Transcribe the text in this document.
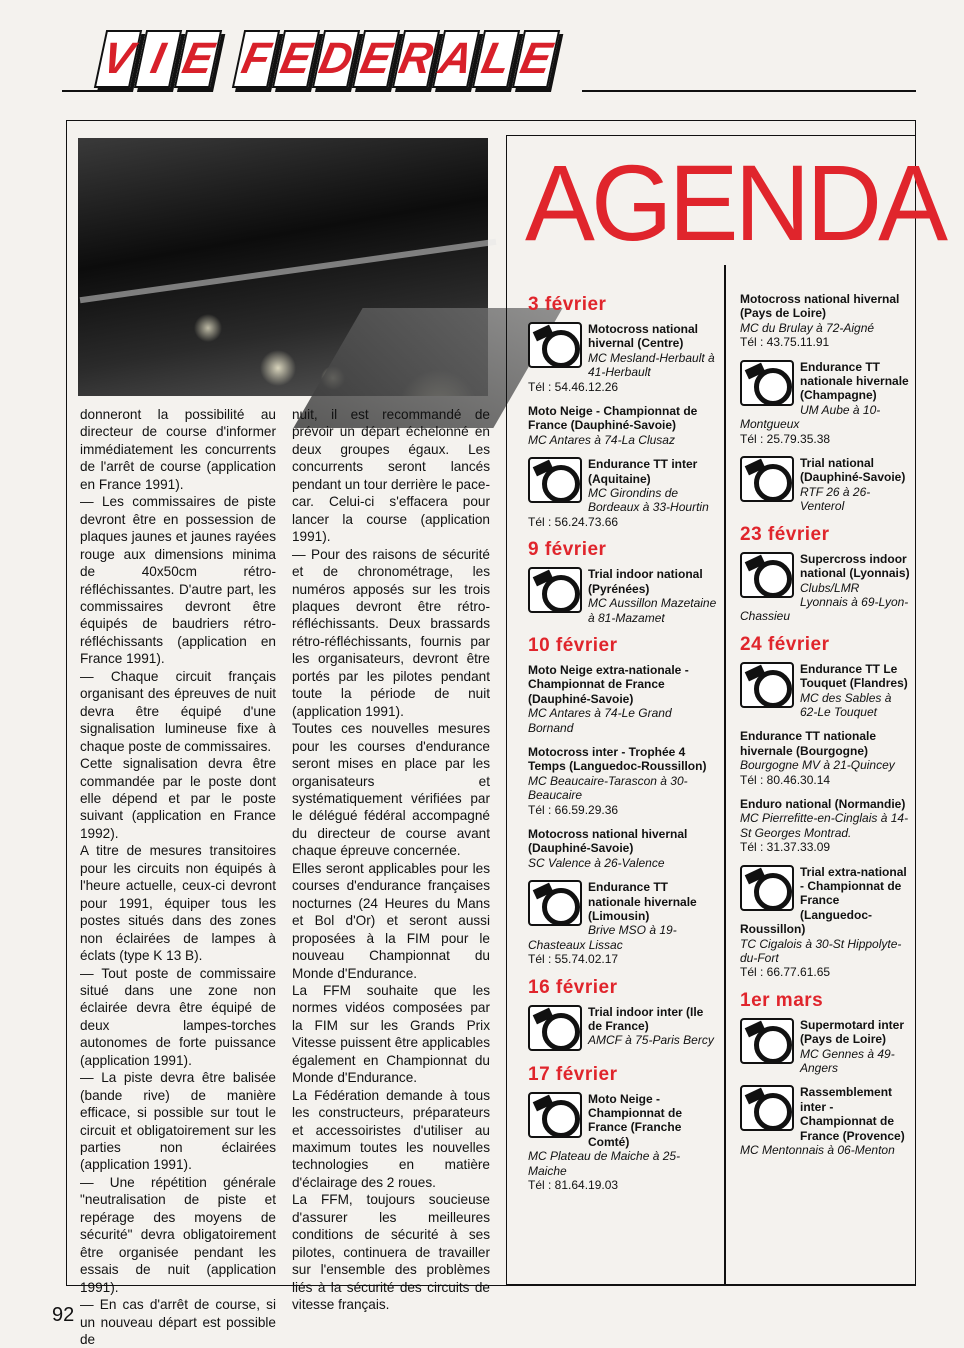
V I E F E D E R
A L E

donneront la possibilité au directeur de course d'informer immédiatement les concurrents de l'arrêt de course (application en France 1991).

— Les commissaires de piste devront être en possession de plaques jaunes et jaunes rayées rouge aux dimensions minima de 40x50cm rétro-réfléchissantes. D'autre part, les commissaires devront être équipés de baudriers rétro-réfléchissants (application en France 1991).

— Chaque circuit français organisant des épreuves de nuit devra être équipé d'une signalisation lumineuse fixe à chaque poste de commissaires.

Cette signalisation devra être commandée par le poste dont elle dépend et par le poste suivant (application en France 1992).

A titre de mesures transitoires pour les circuits non équipés à l'heure actuelle, ceux-ci devront pour 1991, équiper tous les postes situés dans des zones non éclairées de lampes à éclats (type K 13 B).

— Tout poste de commissaire situé dans une zone non éclairée devra être équipé de deux lampes-torches autonomes de forte puissance (application 1991).

— La piste devra être balisée (bande rive) de manière efficace, si possible sur tout le circuit et obligatoirement sur les parties non éclairées (application 1991).

— Une répétition générale "neutralisation de piste et repérage des moyens de sécurité" devra obligatoirement être organisée pendant les essais de nuit (application 1991).

— En cas d'arrêt de course, si un nouveau départ est possible de

nuit, il est recommandé de prévoir un départ échelonné en deux groupes égaux. Les concurrents seront lancés pendant un tour derrière le pace-car. Celui-ci s'effacera pour lancer la course (application 1991).

— Pour des raisons de sécurité et de chronométrage, les numéros apposés sur les trois plaques devront être rétro-réfléchissants. Deux brassards rétro-réfléchissants, fournis par les organisateurs, devront être portés par les pilotes pendant toute la période de nuit (application 1991).

Toutes ces nouvelles mesures pour les courses d'endurance seront mises en place par les organisateurs et systématiquement vérifiées par le délégué fédéral accompagné du directeur de course avant chaque épreuve concernée.

Elles seront applicables pour les courses d'endurance françaises nocturnes (24 Heures du Mans et Bol d'Or) et seront aussi proposées à la FIM pour le nouveau Championnat du Monde d'Endurance.

La FFM souhaite que les normes vidéos composées par la FIM sur les Grands Prix Vitesse puissent être applicables également en Championnat du Monde d'Endurance.

La Fédération demande à tous les constructeurs, préparateurs et accessoiristes d'utiliser au maximum toutes les nouvelles technologies en matière d'éclairage des 2 roues.

La FFM, toujours soucieuse d'assurer les meilleures conditions de sécurité à ses pilotes, continuera de travailler sur l'ensemble des problèmes liés à la sécurité des circuits de vitesse français.

AGENDA
3 février
Motocross national hivernal (Centre)
MC Mesland-Herbault à 41-Herbault
Tél : 54.46.12.26
Moto Neige - Championnat de France (Dauphiné-Savoie)
MC Antares à 74-La Clusaz
Endurance TT inter (Aquitaine)
MC Girondins de Bordeaux à 33-Hourtin
Tél : 56.24.73.66
9 février
Trial indoor national (Pyrénées)
MC Aussillon Mazetaine à 81-Mazamet
10 février
Moto Neige extra-nationale - Championnat de France (Dauphiné-Savoie)
MC Antares à 74-Le Grand Bornand
Motocross inter - Trophée 4 Temps (Languedoc-Roussillon)
MC Beaucaire-Tarascon à 30-Beaucaire
Tél : 66.59.29.36
Motocross national hivernal (Dauphiné-Savoie)
SC Valence à 26-Valence
Endurance TT nationale hivernale (Limousin)
Brive MSO à 19-Chasteaux Lissac
Tél : 55.74.02.17
16 février
Trial indoor inter (Ile de France)
AMCF à 75-Paris Bercy
17 février
Moto Neige - Championnat de France (Franche Comté)
MC Plateau de Maiche à 25-Maiche
Tél : 81.64.19.03
Motocross national hivernal (Pays de Loire)
MC du Brulay à 72-Aigné
Tél : 43.75.11.91
Endurance TT nationale hivernale (Champagne)
UM Aube à 10-Montgueux
Tél : 25.79.35.38
Trial national (Dauphiné-Savoie)
RTF 26 à 26-Venterol
23 février
Supercross indoor national (Lyonnais)
Clubs/LMR Lyonnais à 69-Lyon-Chassieu
24 février
Endurance TT Le Touquet (Flandres)
MC des Sables à 62-Le Touquet
Endurance TT nationale hivernale (Bourgogne)
Bourgogne MV à 21-Quincey
Tél : 80.46.30.14
Enduro national (Normandie)
MC Pierrefitte-en-Cinglais à 14-St Georges Montrad.
Tél : 31.37.33.09
Trial extra-national - Championnat de France (Languedoc-Roussillon)
TC Cigalois à 30-St Hippolyte-du-Fort
Tél : 66.77.61.65
1er mars
Supermotard inter (Pays de Loire)
MC Gennes à 49-Angers
Rassemblement inter - Championnat de France (Provence)
MC Mentonnais à 06-Menton
92
